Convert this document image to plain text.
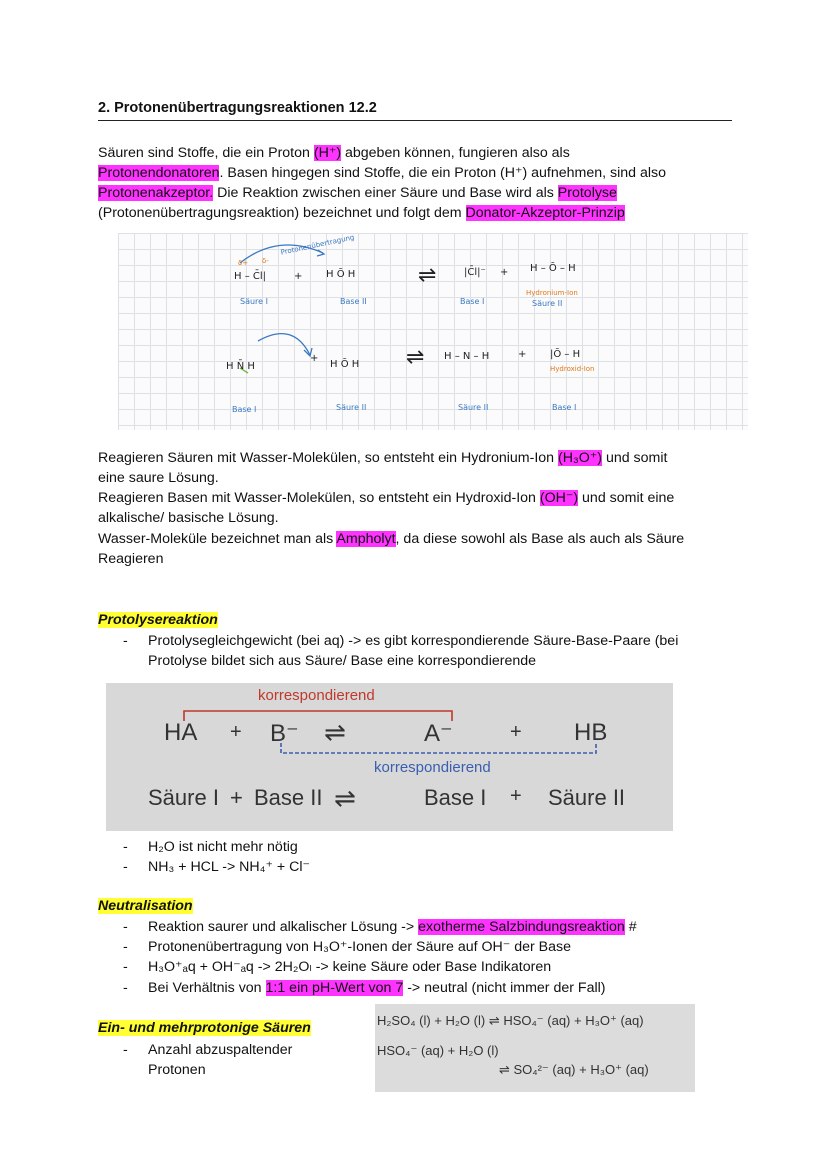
2. Protonenübertragungsreaktionen 12.2
Säuren sind Stoffe, die ein Proton (H⁺) abgeben können, fungieren also als
Protonendonatoren. Basen hingegen sind Stoffe, die ein Proton (H⁺) aufnehmen, sind also
Protonenakzeptor. Die Reaktion zwischen einer Säure und Base wird als Protolyse
(Protonenübertragungsreaktion) bezeichnet und folgt dem Donator-Akzeptor-Prinzip
Protonenübertragung
δ+ δ-
H – C̄l|	+ H Ō H	⇌	|C̄l|⁻ + H – Ō – H
Hydronium-Ion
Säure I	Base II	Base I	Säure II
H N̄ H
+
H Ō H ⇌ H – N – H	+ |Ō – H
Hydroxid-Ion
Base I	Säure II	Säure II	Base I
Reagieren Säuren mit Wasser-Molekülen, so entsteht ein Hydronium-Ion (H₃O⁺) und somit
eine saure Lösung.
Reagieren Basen mit Wasser-Molekülen, so entsteht ein Hydroxid-Ion (OH⁻) und somit eine
alkalische/ basische Lösung.
Wasser-Moleküle bezeichnet man als Ampholyt, da diese sowohl als Base als auch als Säure
Reagieren
Protolysereaktion
- Protolysegleichgewicht (bei aq) -> es gibt korrespondierende Säure-Base-Paare (bei
Protolyse bildet sich aus Säure/ Base eine korrespondierende
korrespondierend
korrespondierend
HA + B⁻ ⇌	A⁻	+ HB
Säure I + Base II ⇌	Base I + Säure II
- H₂O ist nicht mehr nötig
- NH₃ + HCL -> NH₄⁺ + Cl⁻
Neutralisation
- Reaktion saurer und alkalischer Lösung -> exotherme Salzbindungsreaktion #
- Protonenübertragung von H₃O⁺-Ionen der Säure auf OH⁻ der Base
- H₃O⁺ₐq + OH⁻ₐq -> 2H₂Oₗ -> keine Säure oder Base Indikatoren
- Bei Verhältnis von 1:1 ein pH-Wert von 7 -> neutral (nicht immer der Fall)
Ein- und mehrprotonige Säuren
- Anzahl abzuspaltender
Protonen
H₂SO₄ (l) + H₂O (l) ⇌ HSO₄⁻ (aq) + H₃O⁺ (aq)
HSO₄⁻ (aq) + H₂O (l)
⇌ SO₄²⁻ (aq) + H₃O⁺ (aq)
